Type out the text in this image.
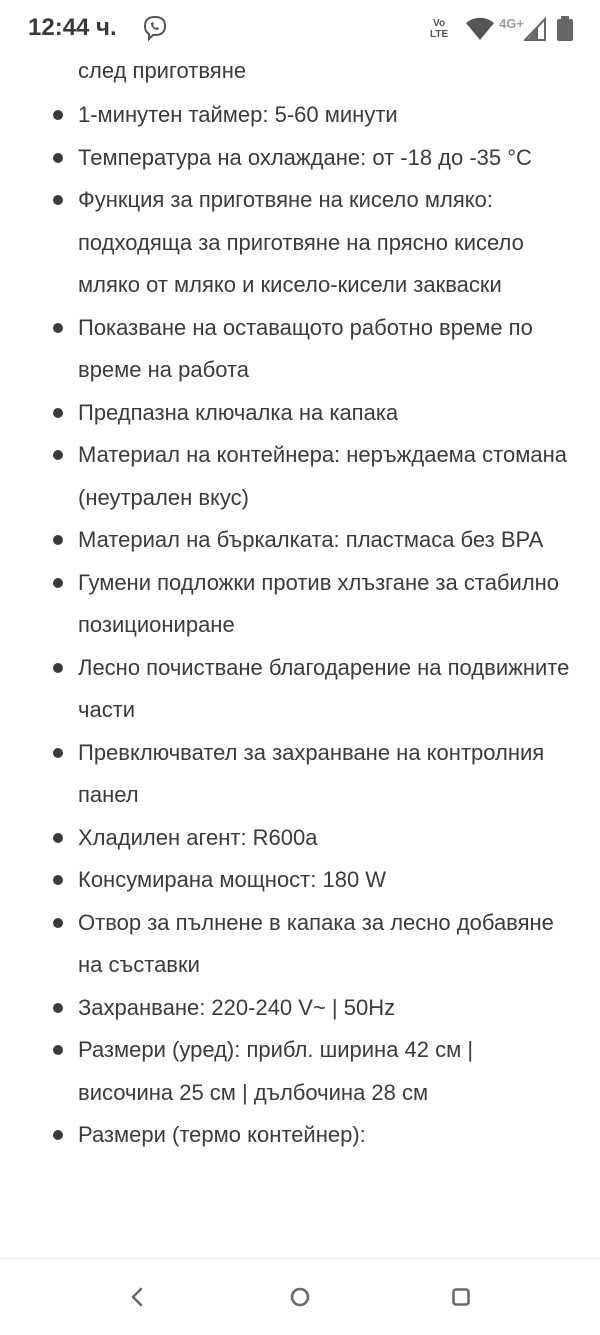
12:44 ч.	Vo
LTE
4G+
след приготвяне
1-минутен таймер: 5-60 минути
Температура на охлаждане: от -18 до -35 °C
Функция за приготвяне на кисело мляко: подходяща за приготвяне на прясно кисело мляко от мляко и кисело-кисели закваски
Показване на оставащото работно време по време на работа
Предпазна ключалка на капака
Материал на контейнера: неръждаема стомана (неутрален вкус)
Материал на бъркалката: пластмаса без BPA
Гумени подложки против хлъзгане за стабилно позициониране
Лесно почистване благодарение на подвижните части
Превключвател за захранване на контролния панел
Хладилен агент: R600a
Консумирана мощност: 180 W
Отвор за пълнене в капака за лесно добавяне на съставки
Захранване: 220-240 V~ | 50Hz
Размери (уред): прибл. ширина 42 см | височина 25 см | дълбочина 28 см
Размери (термо контейнер):
